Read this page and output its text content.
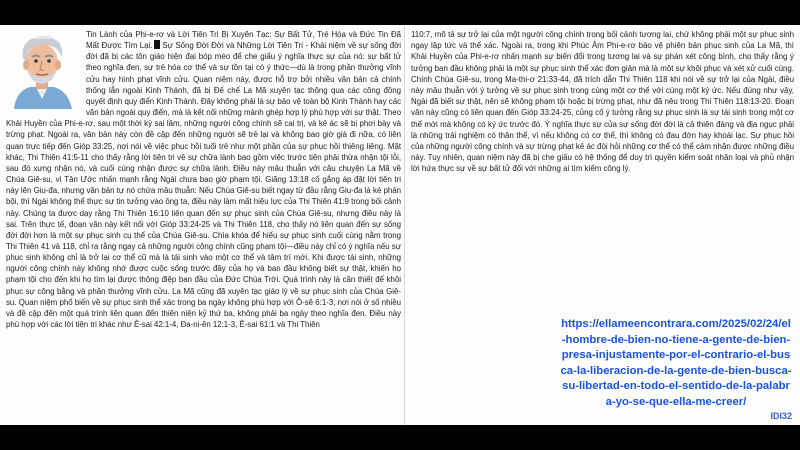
Tin Lành của Phi-e-rơ và Lời Tiên Tri Bị Xuyên Tạc: Sự Bất Tử, Trẻ Hóa và Đức Tin Đã Mất Được Tìm Lại. Sự Sống Đời Đời và Những Lời Tiên Tri - Khải niệm về sự sống đời đời đã bị các tôn giáo hiện đại bóp méo để che giấu ý nghĩa thực sự của nó: sự bất tử theo nghĩa đen, sự trẻ hóa cơ thể và sự tồn tại có ý thức—dù là trong phần thưởng vĩnh cửu hay hình phạt vĩnh cửu. Quan niệm này, được hỗ trợ bởi nhiều văn bản cả chính thống lẫn ngoài Kinh Thánh, đã bị Đế chế La Mã xuyên tạc thông qua các công đồng quyết định quy điển Kinh Thánh. Đây không phải là sự bảo vệ toàn bộ Kinh Thánh hay các văn bản ngoài quy điển, mà là kết nối những mảnh ghép hợp lý phù hợp với sự thật. Theo Khải Huyền của Phi-e-rơ, sau một thời kỳ sai lầm, những người công chính sẽ cai trị, và kẻ ác sẽ bị phơi bày và trừng phạt. Ngoài ra, văn bản này còn đề cập đến những người sẽ trẻ lại và không bao giờ già đi nữa, có liên quan trực tiếp đến Gióp 33:25, nơi nói về việc phục hồi tuổi trẻ như một phần của sự phục hồi thiêng liêng. Mặt khác, Thi Thiên 41:5-11 cho thấy rằng lời tiên tri về sự chữa lành bao gồm việc trước tiên phải thừa nhận tội lỗi, sau đó xưng nhận nó, và cuối cùng nhận được sự chữa lành. Điều này mâu thuẫn với câu chuyện La Mã về Chúa Giê-su, vì Tân Ước nhấn mạnh rằng Ngài chưa bao giờ phạm tội. Giăng 13:18 cố gắng áp đặt lời tiên tri này lên Giu-đa, nhưng văn bản tự nó chứa mâu thuẫn: Nếu Chúa Giê-su biết ngay từ đầu rằng Giu-đa là kẻ phản bội, thì Ngài không thể thực sự tin tưởng vào ông ta, điều này làm mất hiệu lực của Thi Thiên 41:9 trong bối cảnh này. Chúng ta được dạy rằng Thi Thiên 16:10 liên quan đến sự phục sinh của Chúa Giê-su, nhưng điều này là sai. Trên thực tế, đoạn văn này kết nối với Gióp 33:24-25 và Thi Thiên 118, cho thấy nó liên quan đến sự sống đời đời hơn là một sự phục sinh cụ thể của Chúa Giê-su. Chìa khóa để hiểu sự phục sinh cuối cùng nằm trong Thi Thiên 41 và 118, chỉ ra rằng ngay cả những người công chính cũng phạm tội—điều này chỉ có ý nghĩa nếu sự phục sinh không chỉ là trở lại cơ thể cũ mà là tái sinh vào một cơ thể và tâm trí mới. Khi được tái sinh, những người công chính này không nhớ được cuộc sống trước đây của họ và ban đầu không biết sự thật, khiến họ phạm tội cho đến khi họ tìm lại được thông điệp ban đầu của Đức Chúa Trời. Quá trình này là cần thiết để khôi phục sự công bằng và phần thưởng vĩnh cửu. La Mã cũng đã xuyên tạc giáo lý về sự phục sinh của Chúa Giê-su. Quan niệm phổ biến về sự phục sinh thể xác trong ba ngày không phù hợp với Ô-sê 6:1-3, nơi nói ở số nhiều và đề cập đến một quá trình liên quan đến thiên niên kỷ thứ ba, không phải ba ngày theo nghĩa đen. Điều này phù hợp với các lời tiên tri khác như Ê-sai 42:1-4, Đa-ni-ên 12:1-3, Ê-sai 61:1 và Thi Thiên

110:7, mô tả sự trở lại của một người công chính trong bối cảnh tương lai, chứ không phải một sự phục sinh ngay lập tức và thể xác. Ngoài ra, trong khi Phúc Âm Phi-e-rơ bảo vệ phiên bản phục sinh của La Mã, thì Khải Huyền của Phi-e-rơ nhấn mạnh sự biến đổi trong tương lai và sự phán xét công bình, cho thấy rằng ý tưởng ban đầu không phải là một sự phục sinh thể xác đơn giản mà là một sự khôi phục và xét xử cuối cùng. Chính Chúa Giê-su, trong Ma-thi-ơ 21:33-44, đã trích dẫn Thi Thiên 118 khi nói về sự trở lại của Ngài, điều này mâu thuẫn với ý tưởng về sự phục sinh trong cùng một cơ thể với cùng một ký ức. Nếu đúng như vậy, Ngài đã biết sự thật, nên sẽ không phạm tội hoặc bị trừng phạt, như đã nêu trong Thi Thiên 118:13-20. Đoạn văn này cũng có liên quan đến Gióp 33:24-25, củng cố ý tưởng rằng sự phục sinh là sự tái sinh trong một cơ thể mới mà không có ký ức trước đó. Ý nghĩa thực sự của sự sống đời đời là cả thiên đàng và địa ngục phải là những trải nghiệm có thân thể, vì nếu không có cơ thể, thì không có đau đớn hay khoái lạc. Sự phục hồi của những người công chính và sự trừng phạt kẻ ác đòi hỏi những cơ thể có thể cảm nhận được những điều này. Tuy nhiên, quan niệm này đã bị che giấu có hệ thống để duy trì quyền kiểm soát nhân loại và phủ nhận lời hứa thực sự về sự bất tử đối với những ai tìm kiếm công lý.

https://ellameencontrara.com/2025/02/24/el-hombre-de-bien-no-tiene-a-gente-de-bien-presa-injustamente-por-el-contrario-el-busca-la-liberacion-de-la-gente-de-bien-busca-su-libertad-en-todo-el-sentido-de-la-palabra-yo-se-que-ella-me-creer/
IDI32
